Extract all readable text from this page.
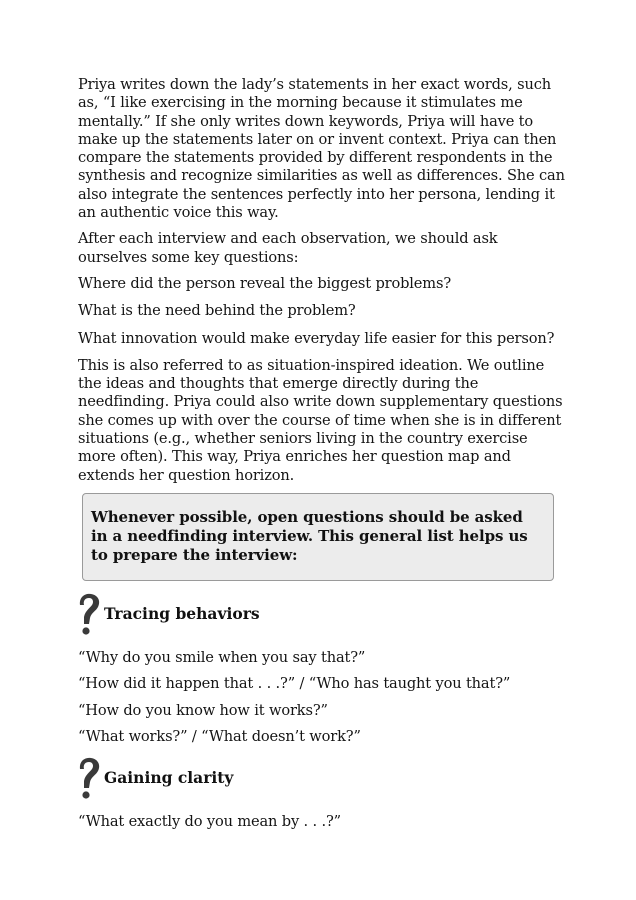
Priya writes down the lady’s statements in her exact words, such as, “I like exercising in the morning because it stimulates me mentally.” If she only writes down keywords, Priya will have to make up the statements later on or invent context. Priya can then compare the statements provided by different respondents in the synthesis and recognize similarities as well as differences. She can also integrate the sentences perfectly into her persona, lending it an authentic voice this way.

After each interview and each observation, we should ask ourselves some key questions:

Where did the person reveal the biggest problems?

What is the need behind the problem?

What innovation would make everyday life easier for this person?

This is also referred to as situation-inspired ideation. We outline the ideas and thoughts that emerge directly during the needfinding. Priya could also write down supplementary questions she comes up with over the course of time when she is in different situations (e.g., whether seniors living in the country exercise more often). This way, Priya enriches her question map and extends her question horizon.

Whenever possible, open questions should be asked in a needfinding interview. This general list helps us to prepare the interview:
Tracing behaviors

“Why do you smile when you say that?”

“How did it happen that . . .?” / “Who has taught you that?”

“How do you know how it works?”

“What works?” / “What doesn’t work?”

Gaining clarity

“What exactly do you mean by . . .?”
